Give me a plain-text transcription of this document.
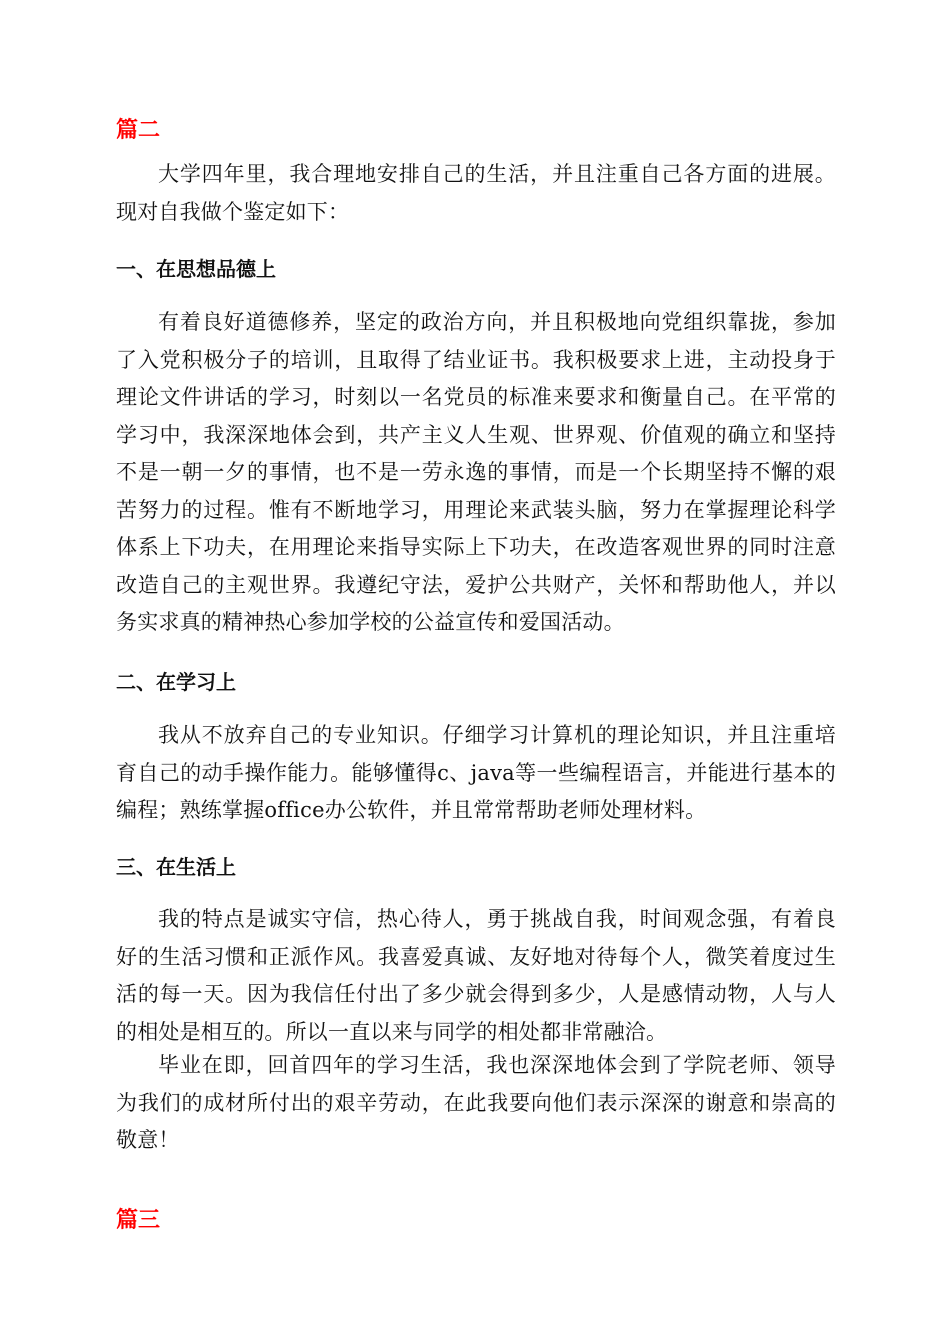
篇二

大学四年里，我合理地安排自己的生活，并且注重自己各方面的进展。现对自我做个鉴定如下：

一、在思想品德上

有着良好道德修养，坚定的政治方向，并且积极地向党组织靠拢，参加了入党积极分子的培训，且取得了结业证书。我积极要求上进，主动投身于理论文件讲话的学习，时刻以一名党员的标准来要求和衡量自己。在平常的学习中，我深深地体会到，共产主义人生观、世界观、价值观的确立和坚持不是一朝一夕的事情，也不是一劳永逸的事情，而是一个长期坚持不懈的艰苦努力的过程。惟有不断地学习，用理论来武装头脑，努力在掌握理论科学体系上下功夫，在用理论来指导实际上下功夫，在改造客观世界的同时注意改造自己的主观世界。我遵纪守法，爱护公共财产，关怀和帮助他人，并以务实求真的精神热心参加学校的公益宣传和爱国活动。

二、在学习上

我从不放弃自己的专业知识。仔细学习计算机的理论知识，并且注重培育自己的动手操作能力。能够懂得c、java等一些编程语言，并能进行基本的编程；熟练掌握office办公软件，并且常常帮助老师处理材料。

三、在生活上

我的特点是诚实守信，热心待人，勇于挑战自我，时间观念强，有着良好的生活习惯和正派作风。我喜爱真诚、友好地对待每个人，微笑着度过生活的每一天。因为我信任付出了多少就会得到多少，人是感情动物，人与人的相处是相互的。所以一直以来与同学的相处都非常融洽。

毕业在即，回首四年的学习生活，我也深深地体会到了学院老师、领导为我们的成材所付出的艰辛劳动，在此我要向他们表示深深的谢意和崇高的敬意！

篇三
